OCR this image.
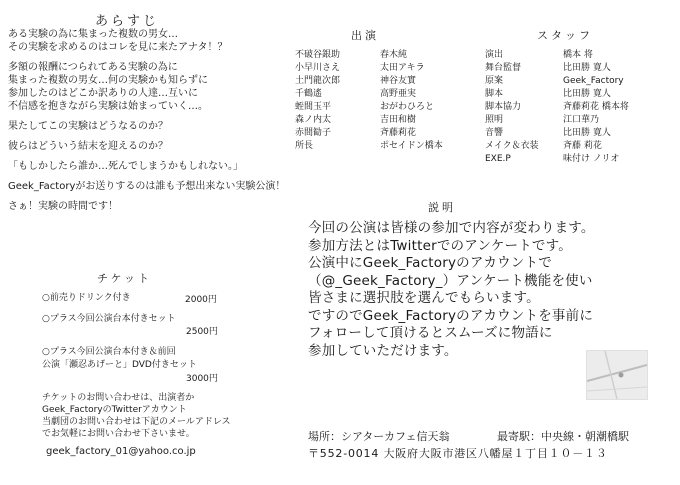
あらすじ
ある実験の為に集まった複数の男女…
その実験を求めるのはコレを見に来たアナタ！？
多額の報酬につられてある実験の為に
集まった複数の男女…何の実験かも知らずに
参加したのはどこか訳ありの人達…互いに
不信感を抱きながら実験は始まっていく…。
果たしてこの実験はどうなるのか？
彼らはどういう結末を迎えるのか？
「もしかしたら誰か…死んでしまうかもしれない。」
Geek_Factoryがお送りするのは誰も予想出来ない実験公演！
さぁ！実験の時間です！
チケット
○前売りドリンク付き	2000円
○プラス今回公演台本付きセット
2500円
○プラス今回公演台本付き＆前回
公演「瀬忍あげーと」DVD付きセット
3000円
チケットのお問い合わせは、出演者か
Geek_FactoryのTwitterアカウント
当劇団のお問い合わせは下記のメールアドレス
でお気軽にお問い合わせ下さいませ。
geek_factory_01@yahoo.co.jp
出演
不破谷銀助
小早川さえ
土門龍次郎
千鶴遙
蛭間玉平
森ノ内太
赤間勧子
所長
春木純
太田アキラ
神谷友實
高野亜実
おがわひろと
吉田和樹
斉藤莉花
ポセイドン橋本
スタッフ
演出
舞台監督
原案
脚本
脚本協力
照明
音響
メイク＆衣装
EXE.P
橋本 将
比田勝 寛人
Geek_Factory
比田勝 寛人
斉藤莉花 橋本将
江口華乃
比田勝 寛人
斉藤 莉花
味付け ノリオ
説明
今回の公演は皆様の参加で内容が変わります。
参加方法とはTwitterでのアンケートです。
公演中にGeek_Factoryのアカウントで
（@_Geek_Factory_）アンケート機能を使い
皆さまに選択肢を選んでもらいます。
ですのでGeek_Factoryのアカウントを事前に
フォローして頂けるとスムーズに物語に
参加していただけます。
場所：シアターカフェ信天翁	最寄駅：中央線・朝潮橋駅
〒552-0014 大阪府大阪市港区八幡屋１丁目１０－１３
